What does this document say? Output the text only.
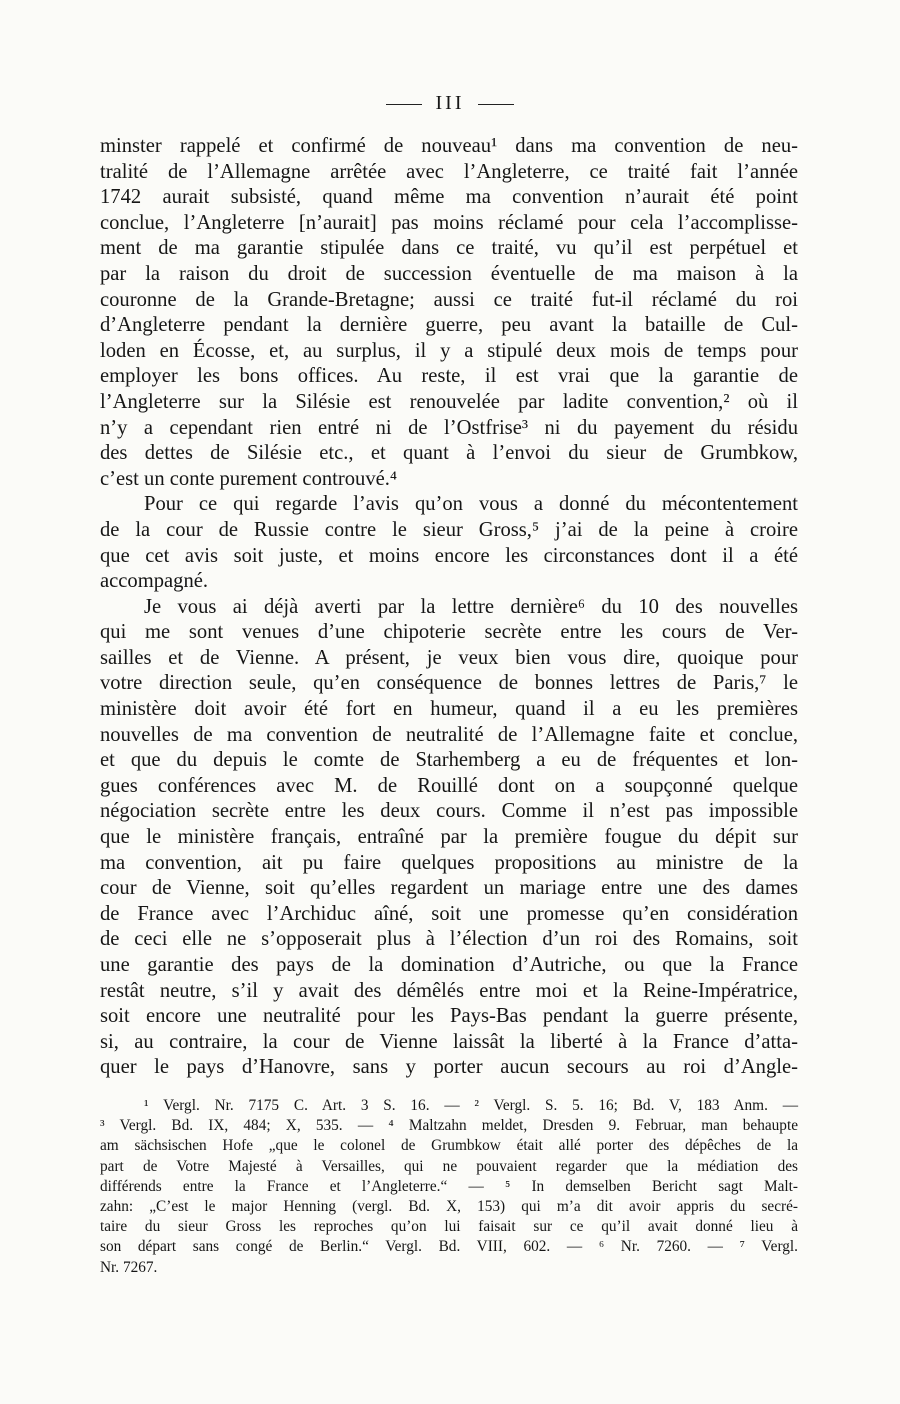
III
minster rappelé et confirmé de nouveau¹ dans ma convention de neu-
tralité de l’Allemagne arrêtée avec l’Angleterre, ce traité fait l’année
1742 aurait subsisté, quand même ma convention n’aurait été point
conclue, l’Angleterre [n’aurait] pas moins réclamé pour cela l’accomplisse-
ment de ma garantie stipulée dans ce traité, vu qu’il est perpétuel et
par la raison du droit de succession éventuelle de ma maison à la
couronne de la Grande-Bretagne; aussi ce traité fut-il réclamé du roi
d’Angleterre pendant la dernière guerre, peu avant la bataille de Cul-
loden en Écosse, et, au surplus, il y a stipulé deux mois de temps pour
employer les bons offices. Au reste, il est vrai que la garantie de
l’Angleterre sur la Silésie est renouvelée par ladite convention,² où il
n’y a cependant rien entré ni de l’Ostfrise³ ni du payement du résidu
des dettes de Silésie etc., et quant à l’envoi du sieur de Grumbkow,
c’est un conte purement controuvé.⁴
Pour ce qui regarde l’avis qu’on vous a donné du mécontentement
de la cour de Russie contre le sieur Gross,⁵ j’ai de la peine à croire
que cet avis soit juste, et moins encore les circonstances dont il a été
accompagné.
Je vous ai déjà averti par la lettre dernière⁶ du 10 des nouvelles
qui me sont venues d’une chipoterie secrète entre les cours de Ver-
sailles et de Vienne. A présent, je veux bien vous dire, quoique pour
votre direction seule, qu’en conséquence de bonnes lettres de Paris,⁷ le
ministère doit avoir été fort en humeur, quand il a eu les premières
nouvelles de ma convention de neutralité de l’Allemagne faite et conclue,
et que du depuis le comte de Starhemberg a eu de fréquentes et lon-
gues conférences avec M. de Rouillé dont on a soupçonné quelque
négociation secrète entre les deux cours. Comme il n’est pas impossible
que le ministère français, entraîné par la première fougue du dépit sur
ma convention, ait pu faire quelques propositions au ministre de la
cour de Vienne, soit qu’elles regardent un mariage entre une des dames
de France avec l’Archiduc aîné, soit une promesse qu’en considération
de ceci elle ne s’opposerait plus à l’élection d’un roi des Romains, soit
une garantie des pays de la domination d’Autriche, ou que la France
restât neutre, s’il y avait des démêlés entre moi et la Reine-Impératrice,
soit encore une neutralité pour les Pays-Bas pendant la guerre présente,
si, au contraire, la cour de Vienne laissât la liberté à la France d’atta-
quer le pays d’Hanovre, sans y porter aucun secours au roi d’Angle-
¹ Vergl. Nr. 7175 C. Art. 3 S. 16. — ² Vergl. S. 5. 16; Bd. V, 183 Anm. —
³ Vergl. Bd. IX, 484; X, 535. — ⁴ Maltzahn meldet, Dresden 9. Februar, man behaupte
am sächsischen Hofe „que le colonel de Grumbkow était allé porter des dépêches de la
part de Votre Majesté à Versailles, qui ne pouvaient regarder que la médiation des
différends entre la France et l’Angleterre.“ — ⁵ In demselben Bericht sagt Malt-
zahn: „C’est le major Henning (vergl. Bd. X, 153) qui m’a dit avoir appris du secré-
taire du sieur Gross les reproches qu’on lui faisait sur ce qu’il avait donné lieu à
son départ sans congé de Berlin.“ Vergl. Bd. VIII, 602. — ⁶ Nr. 7260. — ⁷ Vergl.
Nr. 7267.
